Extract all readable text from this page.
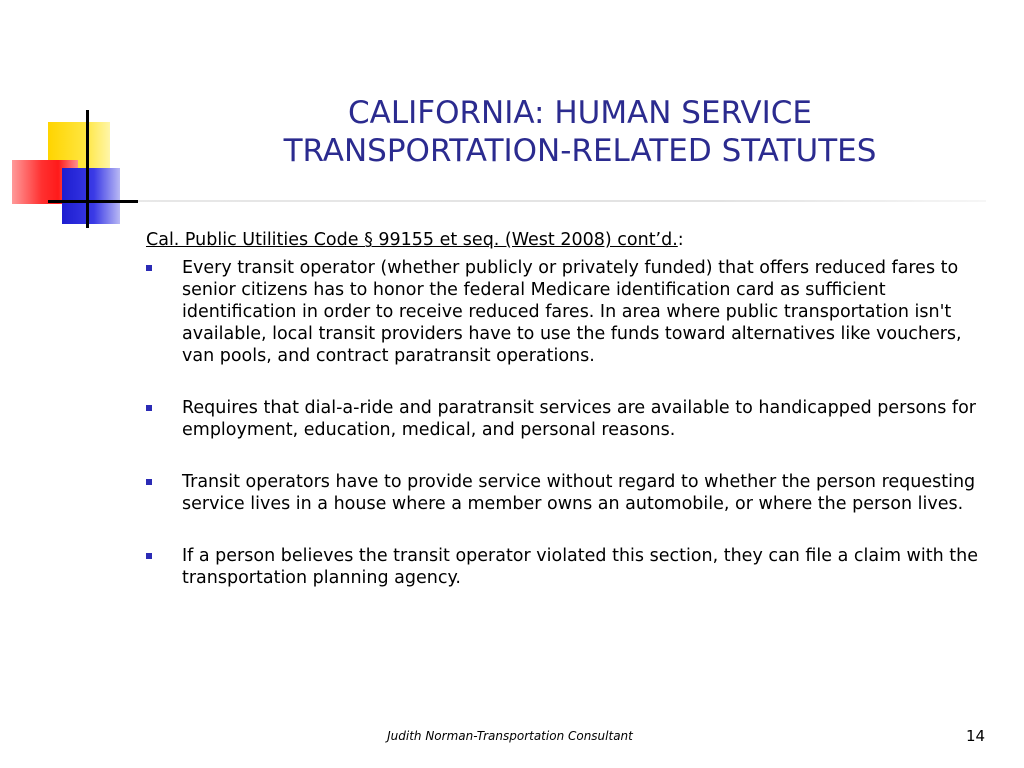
CALIFORNIA: HUMAN SERVICE
TRANSPORTATION-RELATED STATUTES
Cal. Public Utilities Code § 99155 et seq. (West 2008) cont’d.:
Every transit operator (whether publicly or privately funded) that offers reduced fares to senior citizens has to honor the federal Medicare identification card as sufficient identification in order to receive reduced fares. In area where public transportation isn't available, local transit providers have to use the funds toward alternatives like vouchers, van pools, and contract paratransit operations.
Requires that dial-a-ride and paratransit services are available to handicapped persons for employment, education, medical, and personal reasons.
Transit operators have to provide service without regard to whether the person requesting service lives in a house where a member owns an automobile, or where the person lives.
If a person believes the transit operator violated this section, they can file a claim with the transportation planning agency.
Judith Norman-Transportation Consultant	14
